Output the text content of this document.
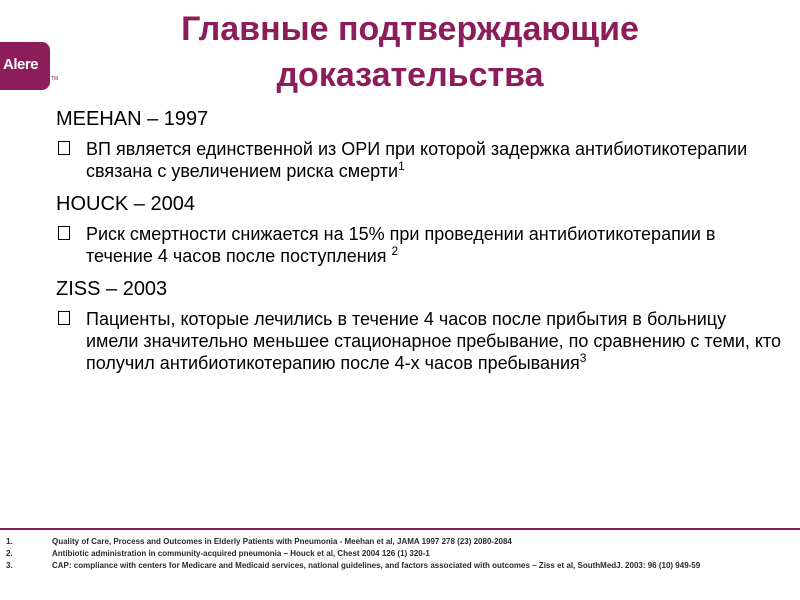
Alere
TM
Главные подтверждающие доказательства
MEEHAN – 1997
ВП является единственной из ОРИ при которой задержка антибиотикотерапии связана с увеличением риска смерти$^1$
HOUCK – 2004
Риск смертности снижается на 15% при проведении антибиотикотерапии в течение 4 часов после поступления $^2$
ZISS – 2003
Пациенты, которые лечились в течение 4 часов после прибытия в больницу имели значительно меньшее стационарное пребывание, по сравнению с теми, кто получил антибиотикотерапию после 4-х часов пребывания$^3$
1.	Quality of Care, Process and Outcomes in Elderly Patients with Pneumonia - Meehan et al, JAMA 1997 278 (23) 2080-2084
2.	Antibiotic administration in community-acquired pneumonia – Houck et al, Chest 2004 126 (1) 320-1
3.	CAP: compliance with centers for Medicare and Medicaid services, national guidelines, and factors associated with outcomes – Ziss et al, SouthMedJ. 2003: 96 (10) 949-59
